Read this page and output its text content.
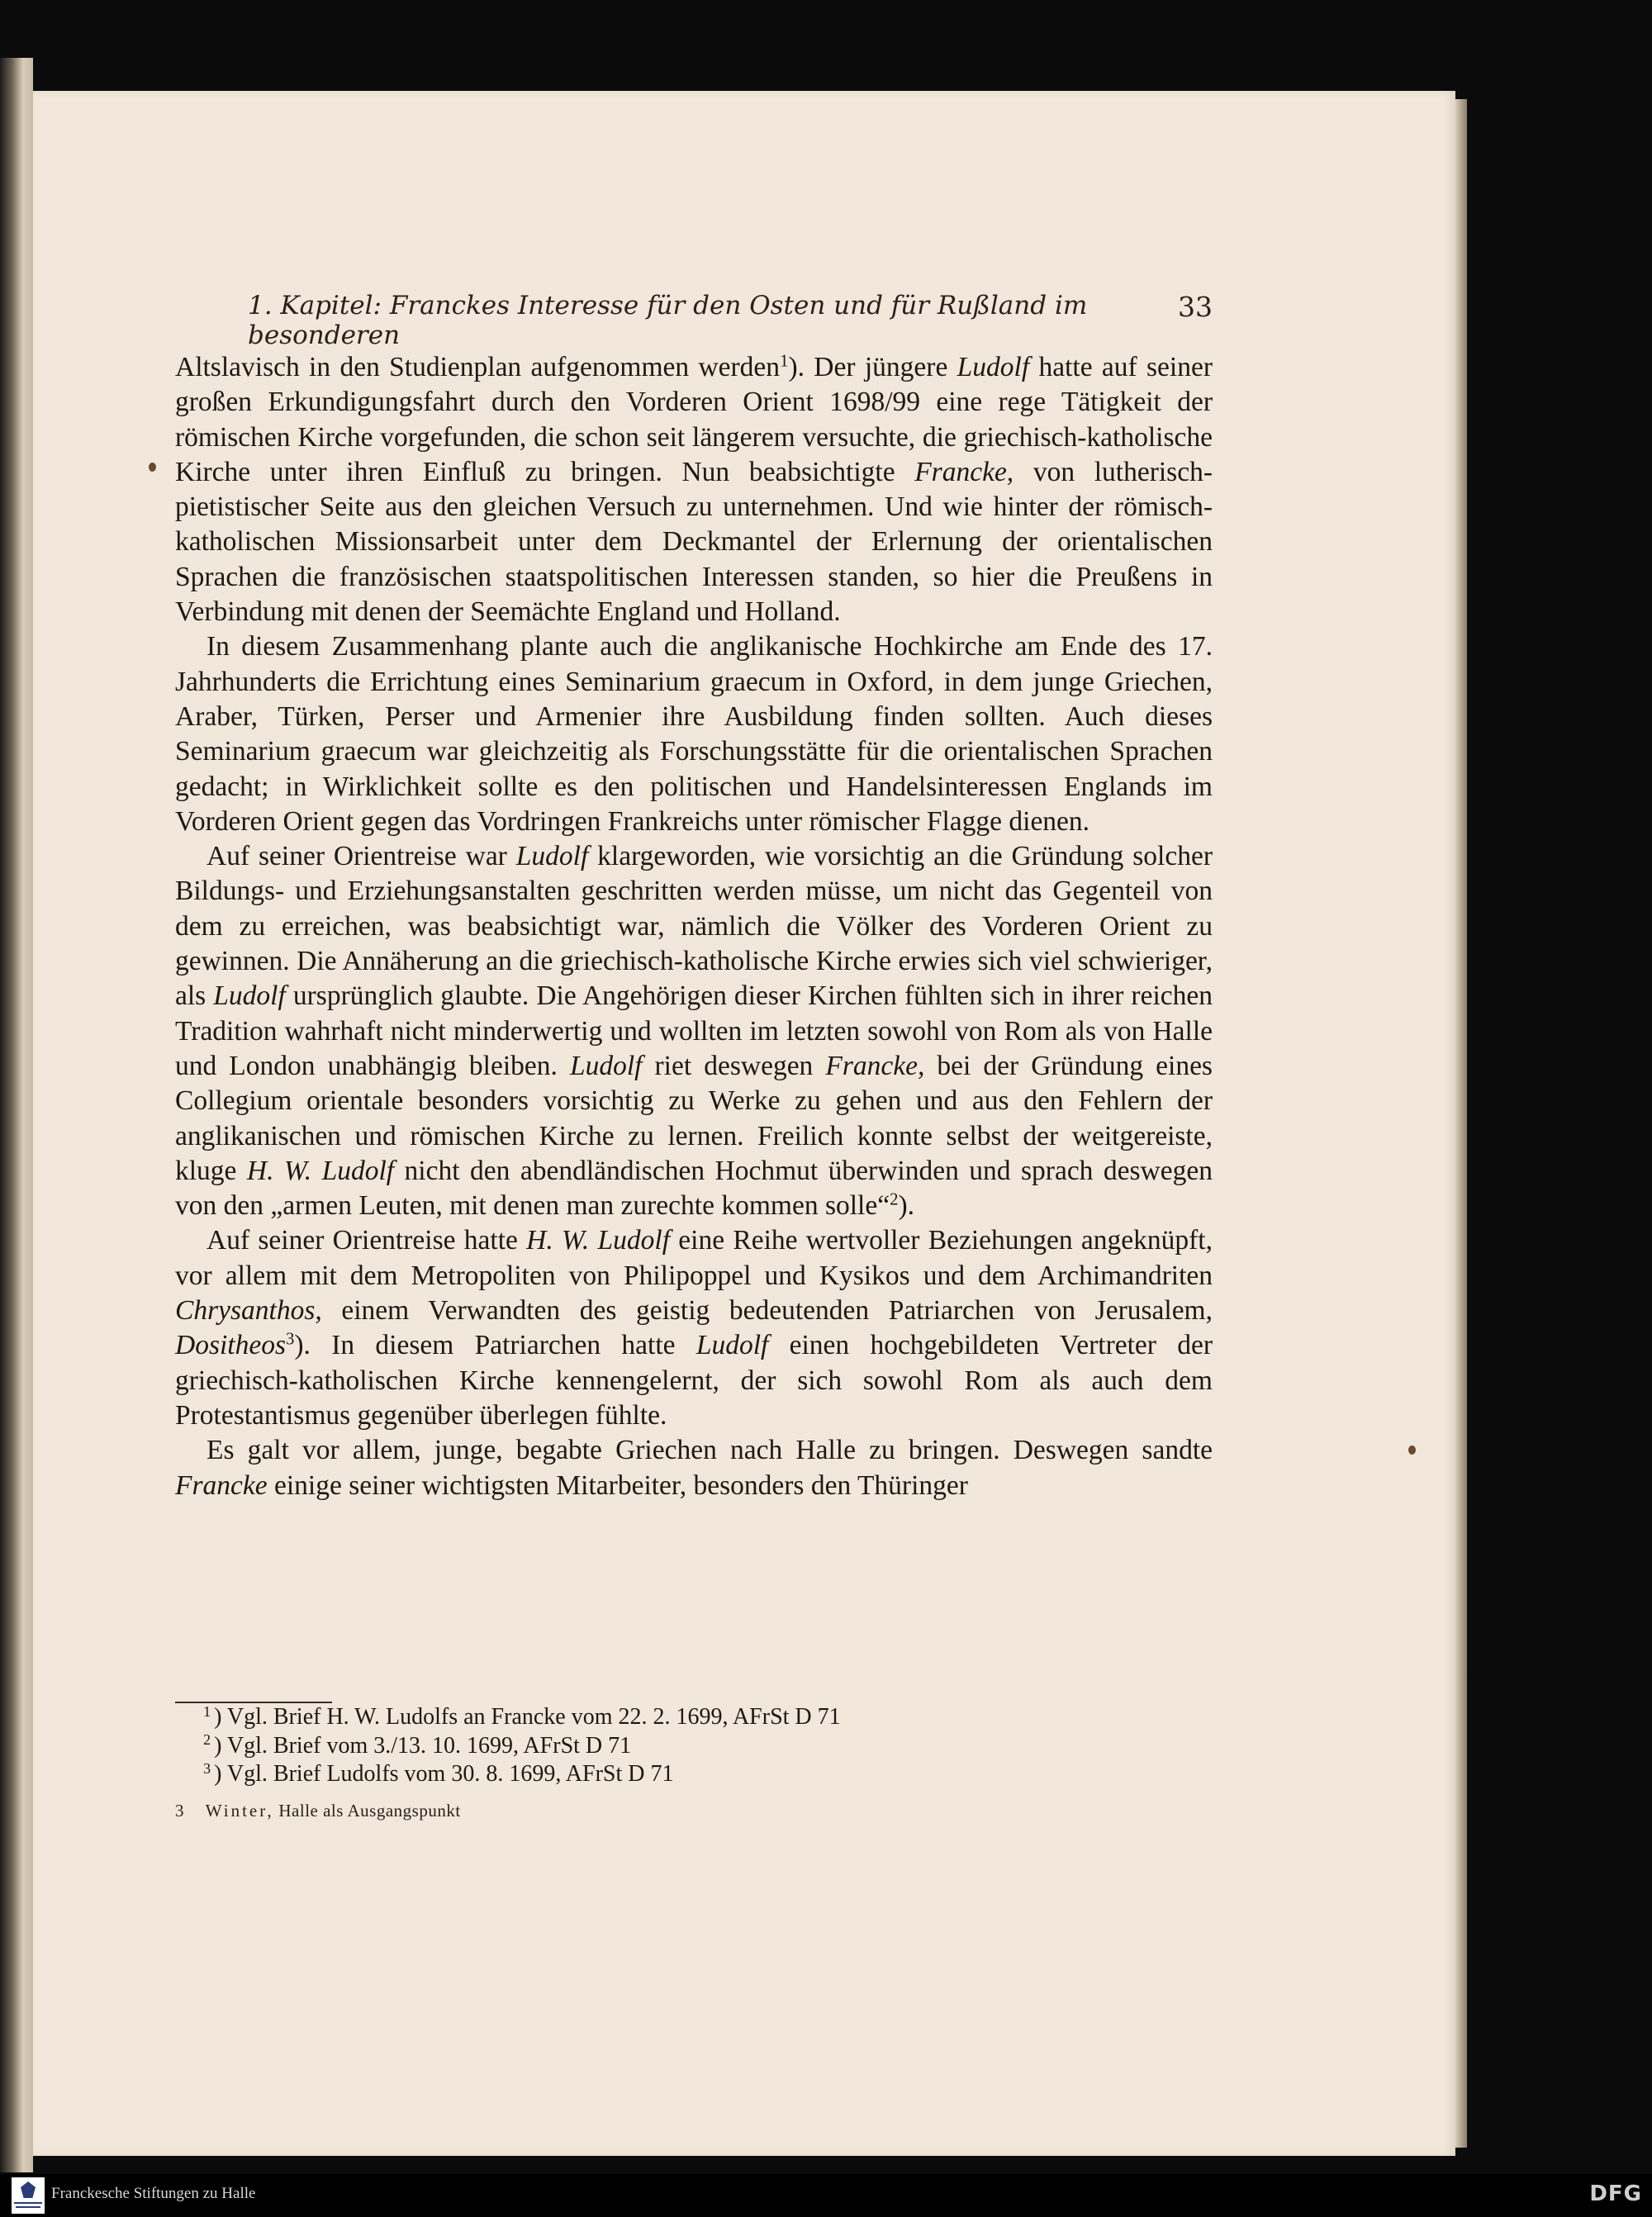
1. Kapitel: Franckes Interesse für den Osten und für Rußland im besonderen
33

Altslavisch in den Studienplan aufgenommen werden$^1$). Der jüngere Ludolf hatte auf seiner großen Erkundigungsfahrt durch den Vorderen Orient 1698/99 eine rege Tätigkeit der römischen Kirche vorgefunden, die schon seit längerem versuchte, die griechisch-katholische Kirche unter ihren Einfluß zu bringen. Nun beabsichtigte Francke, von lutherisch-pietistischer Seite aus den gleichen Versuch zu unternehmen. Und wie hinter der römisch-katholischen Missionsarbeit unter dem Deckmantel der Erlernung der orientalischen Sprachen die französischen staatspolitischen Interessen standen, so hier die Preußens in Verbindung mit denen der Seemächte England und Holland.

In diesem Zusammenhang plante auch die anglikanische Hochkirche am Ende des 17. Jahrhunderts die Errichtung eines Seminarium graecum in Oxford, in dem junge Griechen, Araber, Türken, Perser und Armenier ihre Ausbildung finden sollten. Auch dieses Seminarium graecum war gleichzeitig als Forschungsstätte für die orientalischen Sprachen gedacht; in Wirklichkeit sollte es den politischen und Handelsinteressen Englands im Vorderen Orient gegen das Vordringen Frankreichs unter römischer Flagge dienen.

Auf seiner Orientreise war Ludolf klargeworden, wie vorsichtig an die Gründung solcher Bildungs- und Erziehungsanstalten geschritten werden müsse, um nicht das Gegenteil von dem zu erreichen, was beabsichtigt war, nämlich die Völker des Vorderen Orient zu gewinnen. Die Annäherung an die griechisch-katholische Kirche erwies sich viel schwieriger, als Ludolf ursprünglich glaubte. Die Angehörigen dieser Kirchen fühlten sich in ihrer reichen Tradition wahrhaft nicht minderwertig und wollten im letzten sowohl von Rom als von Halle und London unabhängig bleiben. Ludolf riet deswegen Francke, bei der Gründung eines Collegium orientale besonders vorsichtig zu Werke zu gehen und aus den Fehlern der anglikanischen und römischen Kirche zu lernen. Freilich konnte selbst der weitgereiste, kluge H. W. Ludolf nicht den abendländischen Hochmut überwinden und sprach deswegen von den „armen Leuten, mit denen man zurechte kommen solle“$^2$).

Auf seiner Orientreise hatte H. W. Ludolf eine Reihe wertvoller Beziehungen angeknüpft, vor allem mit dem Metropoliten von Philipoppel und Kysikos und dem Archimandriten Chrysanthos, einem Verwandten des geistig bedeutenden Patriarchen von Jerusalem, Dositheos$^3$). In diesem Patriarchen hatte Ludolf einen hochgebildeten Vertreter der griechisch-katholischen Kirche kennengelernt, der sich sowohl Rom als auch dem Protestantismus gegenüber überlegen fühlte.

Es galt vor allem, junge, begabte Griechen nach Halle zu bringen. Deswegen sandte Francke einige seiner wichtigsten Mitarbeiter, besonders den Thüringer

$^1$ ) Vgl. Brief H. W. Ludolfs an Francke vom 22. 2. 1699, AFrSt D 71
$^2$ ) Vgl. Brief vom 3./13. 10. 1699, AFrSt D 71
$^3$ ) Vgl. Brief Ludolfs vom 30. 8. 1699, AFrSt D 71
3 Winter, Halle als Ausgangspunkt
Franckesche Stiftungen zu Halle	DFG
